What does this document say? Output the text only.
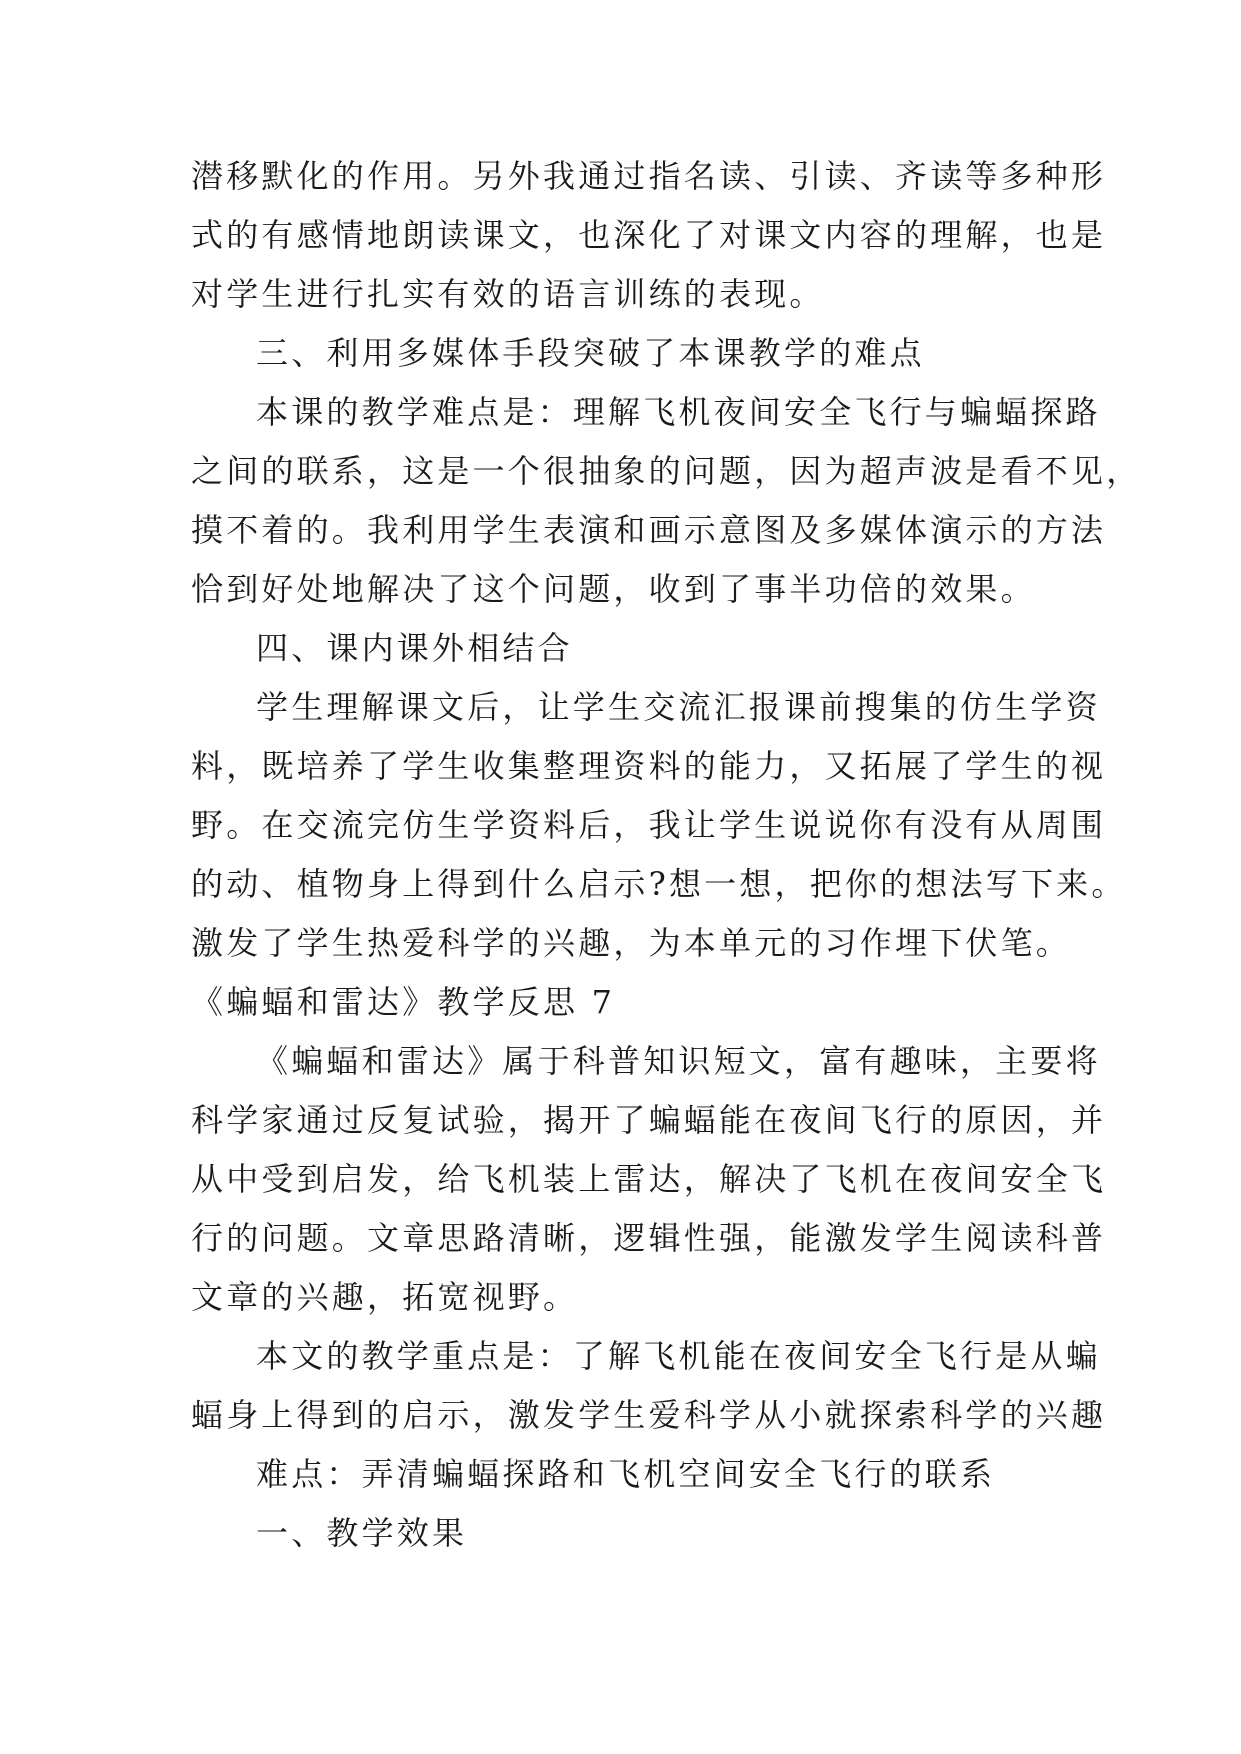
潜移默化的作用。另外我通过指名读、引读、齐读等多种形
式的有感情地朗读课文，也深化了对课文内容的理解，也是
对学生进行扎实有效的语言训练的表现。
三、利用多媒体手段突破了本课教学的难点
本课的教学难点是：理解飞机夜间安全飞行与蝙蝠探路
之间的联系，这是一个很抽象的问题，因为超声波是看不见，
摸不着的。我利用学生表演和画示意图及多媒体演示的方法
恰到好处地解决了这个问题，收到了事半功倍的效果。
四、课内课外相结合
学生理解课文后，让学生交流汇报课前搜集的仿生学资
料，既培养了学生收集整理资料的能力，又拓展了学生的视
野。在交流完仿生学资料后，我让学生说说你有没有从周围
的动、植物身上得到什么启示?想一想，把你的想法写下来。
激发了学生热爱科学的兴趣，为本单元的习作埋下伏笔。
《蝙蝠和雷达》教学反思 7
《蝙蝠和雷达》属于科普知识短文，富有趣味，主要将
科学家通过反复试验，揭开了蝙蝠能在夜间飞行的原因，并
从中受到启发，给飞机装上雷达，解决了飞机在夜间安全飞
行的问题。文章思路清晰，逻辑性强，能激发学生阅读科普
文章的兴趣，拓宽视野。
本文的教学重点是：了解飞机能在夜间安全飞行是从蝙
蝠身上得到的启示，激发学生爱科学从小就探索科学的兴趣
难点：弄清蝙蝠探路和飞机空间安全飞行的联系
一、教学效果
